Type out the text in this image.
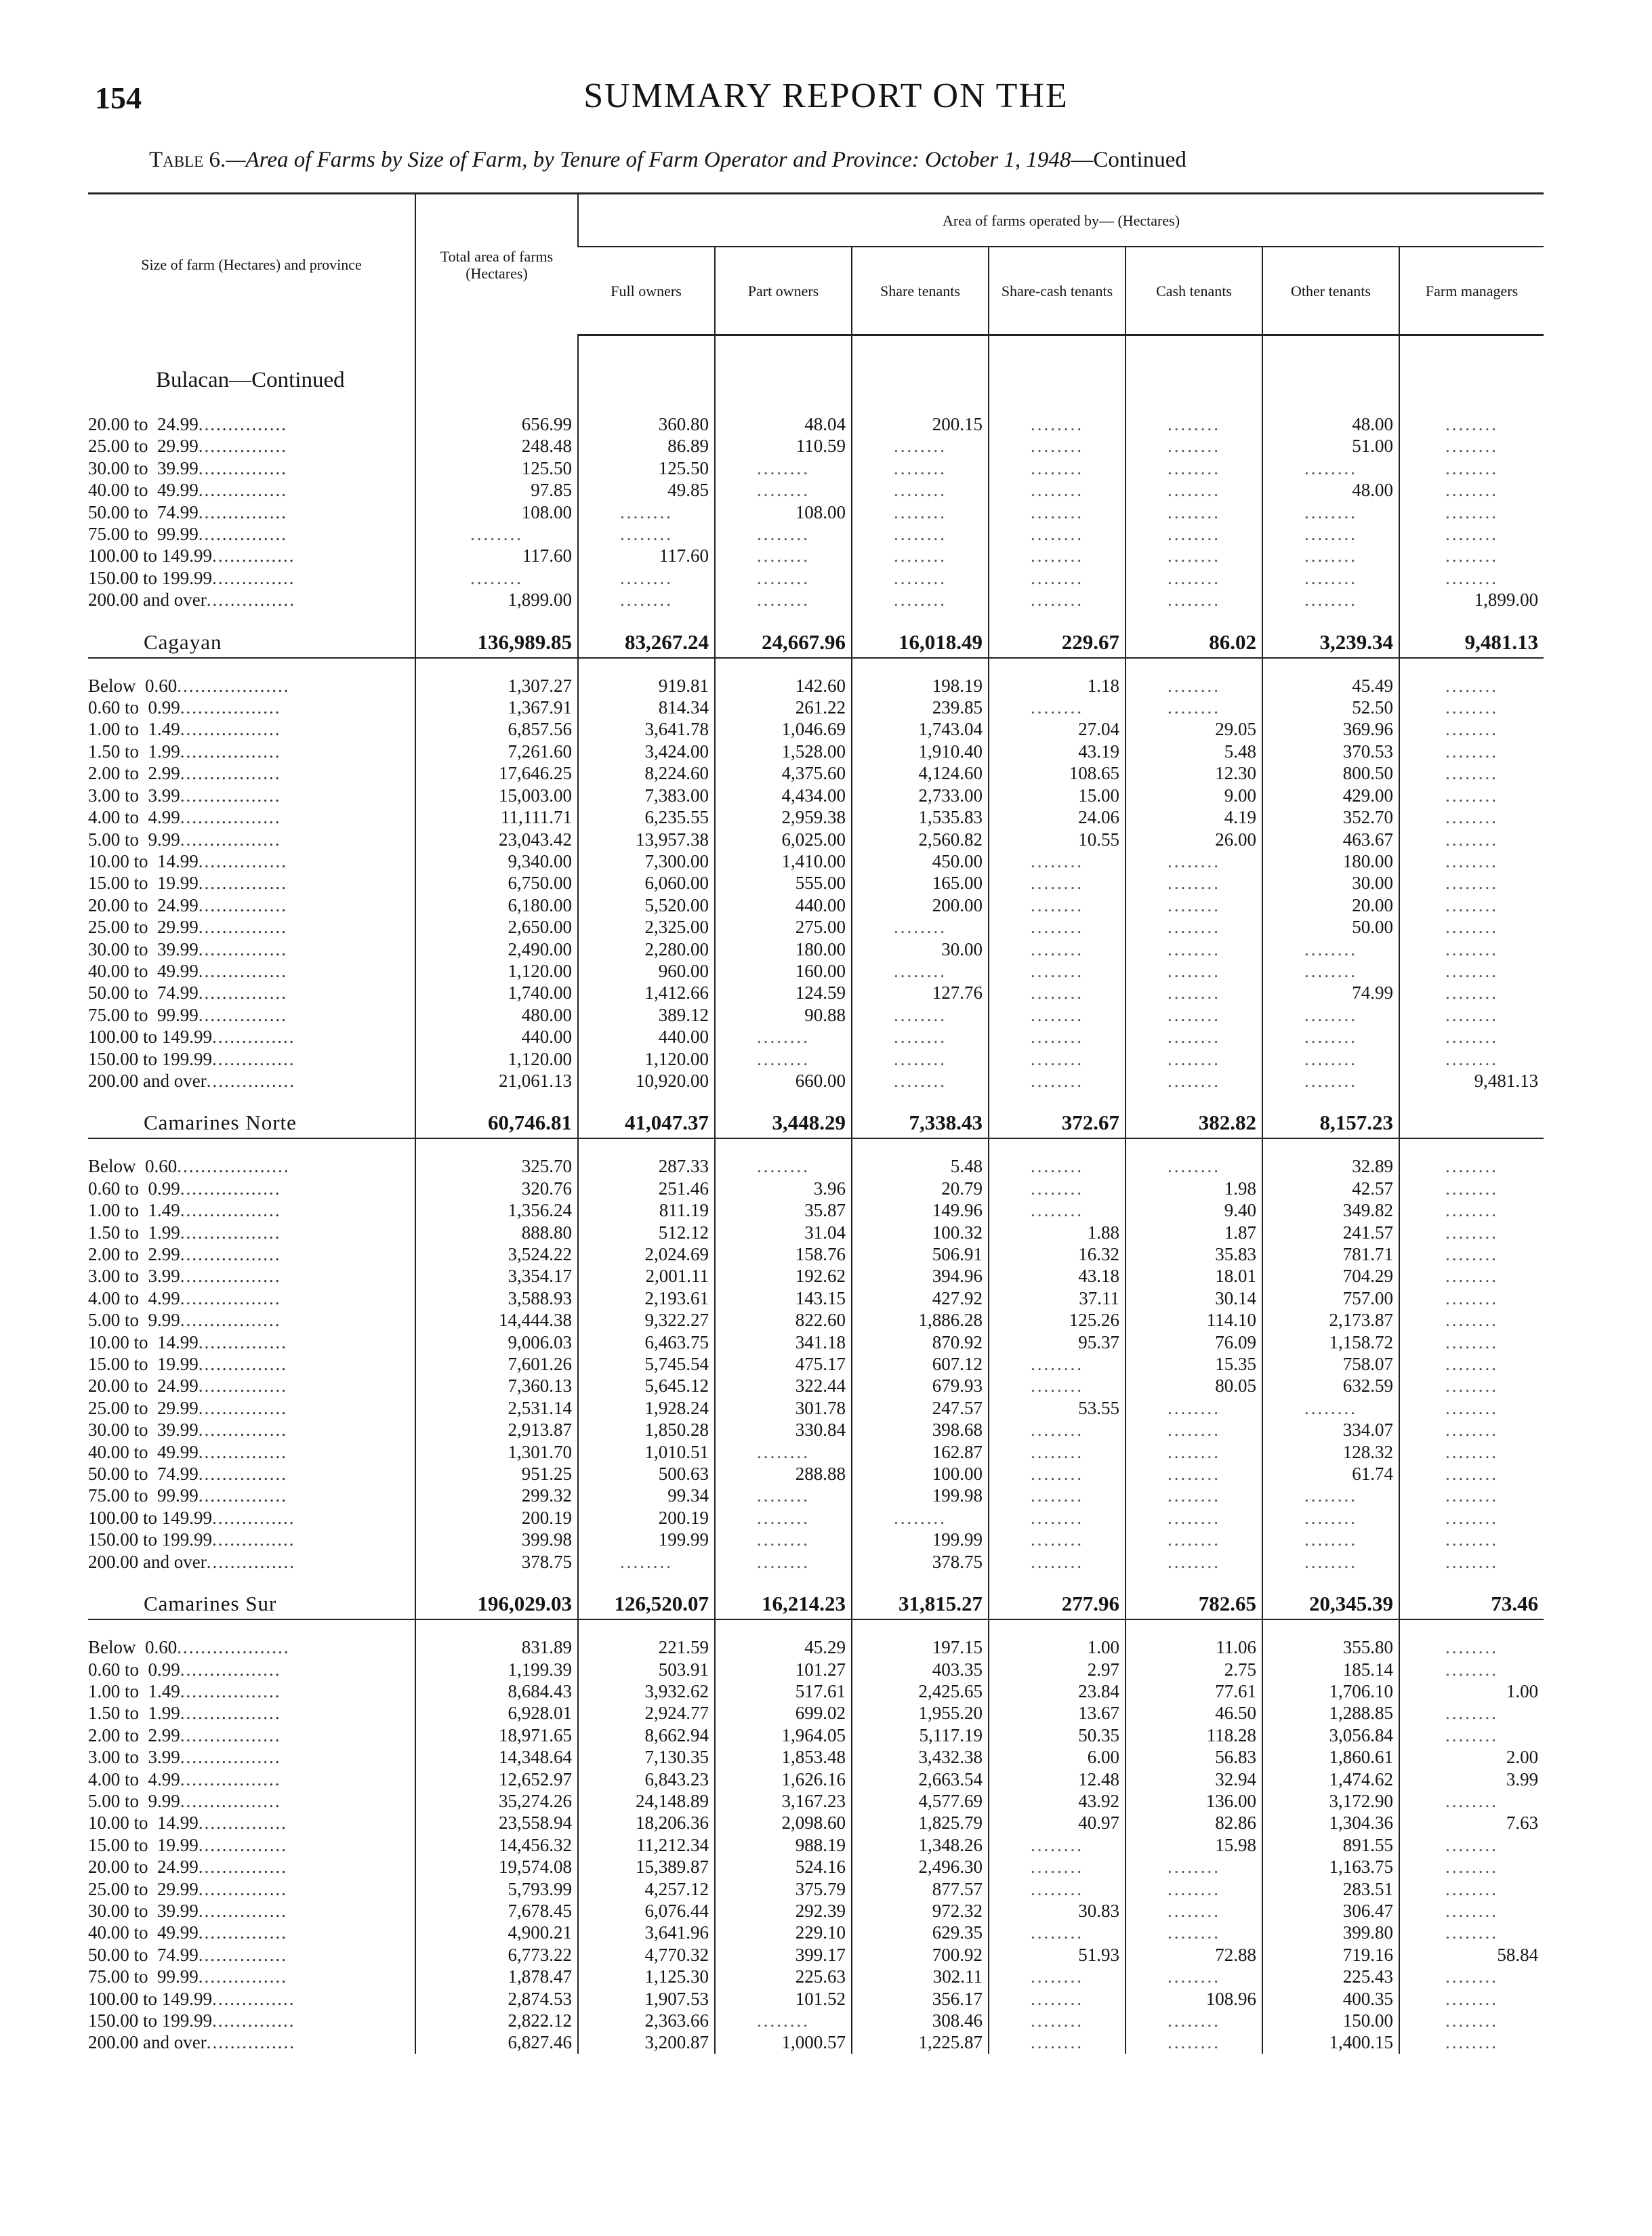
154	SUMMARY REPORT ON THE
Table 6.—Area of Farms by Size of Farm, by Tenure of Farm Operator and Province: October 1, 1948—Continued
Size of farm (Hectares) and province	Total area of farms (Hectares)	Area of farms operated by— (Hectares)						
		Full owners	Part owners	Share tenants	Share-cash tenants	Cash tenants	Other tenants	Farm managers

Bulacan—Continued								

20.00 to  24.99...............	656.99	360.80	48.04	200.15	........	........	48.00	........
25.00 to  29.99...............	248.48	86.89	110.59	........	........	........	51.00	........
30.00 to  39.99...............	125.50	125.50	........	........	........	........	........	........
40.00 to  49.99...............	97.85	49.85	........	........	........	........	48.00	........
50.00 to  74.99...............	108.00	........	108.00	........	........	........	........	........
75.00 to  99.99...............	........	........	........	........	........	........	........	........
100.00 to 149.99..............	117.60	117.60	........	........	........	........	........	........
150.00 to 199.99..............	........	........	........	........	........	........	........	........
200.00 and over...............	1,899.00	........	........	........	........	........	........	1,899.00

Cagayan	136,989.85	83,267.24	24,667.96	16,018.49	229.67	86.02	3,239.34	9,481.13

Below  0.60...................	1,307.27	919.81	142.60	198.19	1.18	........	45.49	........
0.60 to  0.99.................	1,367.91	814.34	261.22	239.85	........	........	52.50	........
1.00 to  1.49.................	6,857.56	3,641.78	1,046.69	1,743.04	27.04	29.05	369.96	........
1.50 to  1.99.................	7,261.60	3,424.00	1,528.00	1,910.40	43.19	5.48	370.53	........
2.00 to  2.99.................	17,646.25	8,224.60	4,375.60	4,124.60	108.65	12.30	800.50	........
3.00 to  3.99.................	15,003.00	7,383.00	4,434.00	2,733.00	15.00	9.00	429.00	........
4.00 to  4.99.................	11,111.71	6,235.55	2,959.38	1,535.83	24.06	4.19	352.70	........
5.00 to  9.99.................	23,043.42	13,957.38	6,025.00	2,560.82	10.55	26.00	463.67	........
10.00 to  14.99...............	9,340.00	7,300.00	1,410.00	450.00	........	........	180.00	........
15.00 to  19.99...............	6,750.00	6,060.00	555.00	165.00	........	........	30.00	........
20.00 to  24.99...............	6,180.00	5,520.00	440.00	200.00	........	........	20.00	........
25.00 to  29.99...............	2,650.00	2,325.00	275.00	........	........	........	50.00	........
30.00 to  39.99...............	2,490.00	2,280.00	180.00	30.00	........	........	........	........
40.00 to  49.99...............	1,120.00	960.00	160.00	........	........	........	........	........
50.00 to  74.99...............	1,740.00	1,412.66	124.59	127.76	........	........	74.99	........
75.00 to  99.99...............	480.00	389.12	90.88	........	........	........	........	........
100.00 to 149.99..............	440.00	440.00	........	........	........	........	........	........
150.00 to 199.99..............	1,120.00	1,120.00	........	........	........	........	........	........
200.00 and over...............	21,061.13	10,920.00	660.00	........	........	........	........	9,481.13

Camarines Norte	60,746.81	41,047.37	3,448.29	7,338.43	372.67	382.82	8,157.23	

Below  0.60...................	325.70	287.33	........	5.48	........	........	32.89	........
0.60 to  0.99.................	320.76	251.46	3.96	20.79	........	1.98	42.57	........
1.00 to  1.49.................	1,356.24	811.19	35.87	149.96	........	9.40	349.82	........
1.50 to  1.99.................	888.80	512.12	31.04	100.32	1.88	1.87	241.57	........
2.00 to  2.99.................	3,524.22	2,024.69	158.76	506.91	16.32	35.83	781.71	........
3.00 to  3.99.................	3,354.17	2,001.11	192.62	394.96	43.18	18.01	704.29	........
4.00 to  4.99.................	3,588.93	2,193.61	143.15	427.92	37.11	30.14	757.00	........
5.00 to  9.99.................	14,444.38	9,322.27	822.60	1,886.28	125.26	114.10	2,173.87	........
10.00 to  14.99...............	9,006.03	6,463.75	341.18	870.92	95.37	76.09	1,158.72	........
15.00 to  19.99...............	7,601.26	5,745.54	475.17	607.12	........	15.35	758.07	........
20.00 to  24.99...............	7,360.13	5,645.12	322.44	679.93	........	80.05	632.59	........
25.00 to  29.99...............	2,531.14	1,928.24	301.78	247.57	53.55	........	........	........
30.00 to  39.99...............	2,913.87	1,850.28	330.84	398.68	........	........	334.07	........
40.00 to  49.99...............	1,301.70	1,010.51	........	162.87	........	........	128.32	........
50.00 to  74.99...............	951.25	500.63	288.88	100.00	........	........	61.74	........
75.00 to  99.99...............	299.32	99.34	........	199.98	........	........	........	........
100.00 to 149.99..............	200.19	200.19	........	........	........	........	........	........
150.00 to 199.99..............	399.98	199.99	........	199.99	........	........	........	........
200.00 and over...............	378.75	........	........	378.75	........	........	........	........

Camarines Sur	196,029.03	126,520.07	16,214.23	31,815.27	277.96	782.65	20,345.39	73.46

Below  0.60...................	831.89	221.59	45.29	197.15	1.00	11.06	355.80	........
0.60 to  0.99.................	1,199.39	503.91	101.27	403.35	2.97	2.75	185.14	........
1.00 to  1.49.................	8,684.43	3,932.62	517.61	2,425.65	23.84	77.61	1,706.10	1.00
1.50 to  1.99.................	6,928.01	2,924.77	699.02	1,955.20	13.67	46.50	1,288.85	........
2.00 to  2.99.................	18,971.65	8,662.94	1,964.05	5,117.19	50.35	118.28	3,056.84	........
3.00 to  3.99.................	14,348.64	7,130.35	1,853.48	3,432.38	6.00	56.83	1,860.61	2.00
4.00 to  4.99.................	12,652.97	6,843.23	1,626.16	2,663.54	12.48	32.94	1,474.62	3.99
5.00 to  9.99.................	35,274.26	24,148.89	3,167.23	4,577.69	43.92	136.00	3,172.90	........
10.00 to  14.99...............	23,558.94	18,206.36	2,098.60	1,825.79	40.97	82.86	1,304.36	7.63
15.00 to  19.99...............	14,456.32	11,212.34	988.19	1,348.26	........	15.98	891.55	........
20.00 to  24.99...............	19,574.08	15,389.87	524.16	2,496.30	........	........	1,163.75	........
25.00 to  29.99...............	5,793.99	4,257.12	375.79	877.57	........	........	283.51	........
30.00 to  39.99...............	7,678.45	6,076.44	292.39	972.32	30.83	........	306.47	........
40.00 to  49.99...............	4,900.21	3,641.96	229.10	629.35	........	........	399.80	........
50.00 to  74.99...............	6,773.22	4,770.32	399.17	700.92	51.93	72.88	719.16	58.84
75.00 to  99.99...............	1,878.47	1,125.30	225.63	302.11	........	........	225.43	........
100.00 to 149.99..............	2,874.53	1,907.53	101.52	356.17	........	108.96	400.35	........
150.00 to 199.99..............	2,822.12	2,363.66	........	308.46	........	........	150.00	........
200.00 and over...............	6,827.46	3,200.87	1,000.57	1,225.87	........	........	1,400.15	........
